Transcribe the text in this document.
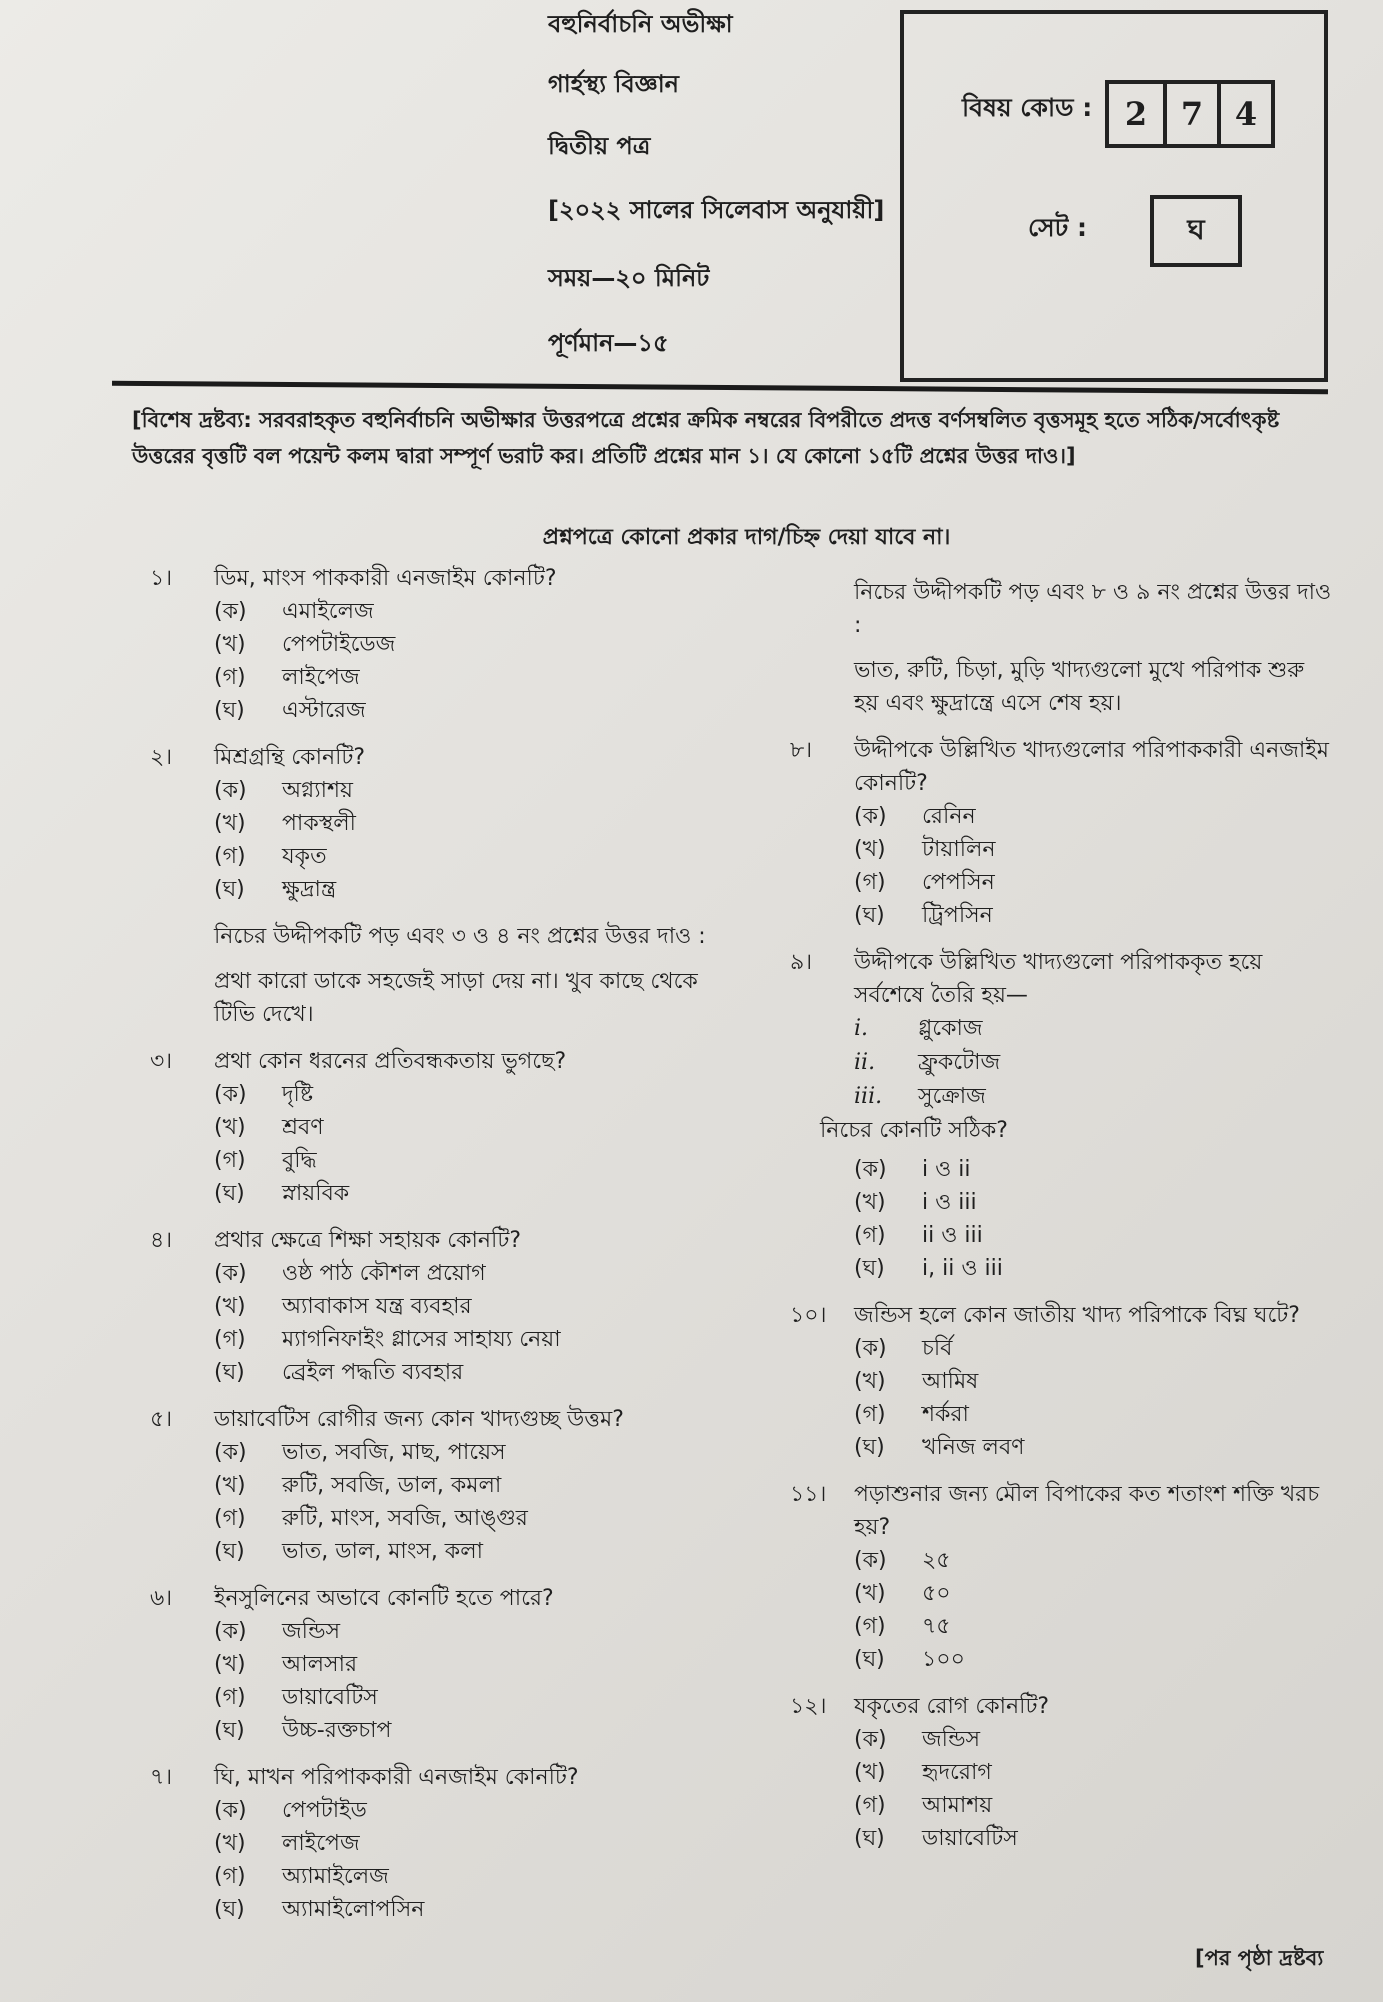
বহুনির্বাচনি অভীক্ষা
গার্হস্থ্য বিজ্ঞান
দ্বিতীয় পত্র
[২০২২ সালের সিলেবাস অনুযায়ী]
সময়—২০ মিনিট
পূর্ণমান—১৫
বিষয় কোড :	2	7 4
সেট :	ঘ
[বিশেষ দ্রষ্টব্য: সরবরাহকৃত বহুনির্বাচনি অভীক্ষার উত্তরপত্রে প্রশ্নের ক্রমিক নম্বরের বিপরীতে প্রদত্ত বর্ণসম্বলিত বৃত্তসমূহ হতে সঠিক/সর্বোৎকৃষ্ট উত্তরের বৃত্তটি বল পয়েন্ট কলম দ্বারা সম্পূর্ণ ভরাট কর। প্রতিটি প্রশ্নের মান ১। যে কোনো ১৫টি প্রশ্নের উত্তর দাও।]
প্রশ্নপত্রে কোনো প্রকার দাগ/চিহ্ন দেয়া যাবে না।
১।	ডিম, মাংস পাককারী এনজাইম কোনটি?
(ক)	এমাইলেজ
(খ)	পেপটাইডেজ
(গ)	লাইপেজ
(ঘ)	এস্টারেজ
২।	মিশ্রগ্রন্থি কোনটি?
(ক)	অগ্ন্যাশয়
(খ)	পাকস্থলী
(গ)	যকৃত
(ঘ)	ক্ষুদ্রান্ত্র

নিচের উদ্দীপকটি পড় এবং ৩ ও ৪ নং প্রশ্নের উত্তর দাও :

প্রথা কারো ডাকে সহজেই সাড়া দেয় না। খুব কাছে থেকে টিভি দেখে।

৩।	প্রথা কোন ধরনের প্রতিবন্ধকতায় ভুগছে?
(ক)	দৃষ্টি
(খ)	শ্রবণ
(গ)	বুদ্ধি
(ঘ)	স্নায়বিক
৪।	প্রথার ক্ষেত্রে শিক্ষা সহায়ক কোনটি?
(ক)	ওষ্ঠ পাঠ কৌশল প্রয়োগ
(খ)	অ্যাবাকাস যন্ত্র ব্যবহার
(গ)	ম্যাগনিফাইং গ্লাসের সাহায্য নেয়া
(ঘ)	ব্রেইল পদ্ধতি ব্যবহার
৫।	ডায়াবেটিস রোগীর জন্য কোন খাদ্যগুচ্ছ উত্তম?
(ক)	ভাত, সবজি, মাছ, পায়েস
(খ)	রুটি, সবজি, ডাল, কমলা
(গ)	রুটি, মাংস, সবজি, আঙ্গুর
(ঘ)	ভাত, ডাল, মাংস, কলা
৬।	ইনসুলিনের অভাবে কোনটি হতে পারে?
(ক)	জন্ডিস
(খ)	আলসার
(গ)	ডায়াবেটিস
(ঘ)	উচ্চ-রক্তচাপ
৭।	ঘি, মাখন পরিপাককারী এনজাইম কোনটি?
(ক)	পেপটাইড
(খ)	লাইপেজ
(গ)	অ্যামাইলেজ
(ঘ)	অ্যামাইলোপসিন

নিচের উদ্দীপকটি পড় এবং ৮ ও ৯ নং প্রশ্নের উত্তর দাও :

ভাত, রুটি, চিড়া, মুড়ি খাদ্যগুলো মুখে পরিপাক শুরু হয় এবং ক্ষুদ্রান্ত্রে এসে শেষ হয়।

৮।	উদ্দীপকে উল্লিখিত খাদ্যগুলোর পরিপাককারী এনজাইম কোনটি?
(ক)	রেনিন
(খ)	টায়ালিন
(গ)	পেপসিন
(ঘ)	ট্রিপসিন
৯।	উদ্দীপকে উল্লিখিত খাদ্যগুলো পরিপাককৃত হয়ে সর্বশেষে তৈরি হয়—
i.	গ্লুকোজ
ii.	ফ্রুকটোজ
iii.	সুক্রোজ
নিচের কোনটি সঠিক?
(ক)	i ও ii
(খ)	i ও iii
(গ)	ii ও iii
(ঘ)	i, ii ও iii
১০।	জন্ডিস হলে কোন জাতীয় খাদ্য পরিপাকে বিঘ্ন ঘটে?
(ক)	চর্বি
(খ)	আমিষ
(গ)	শর্করা
(ঘ)	খনিজ লবণ
১১।	পড়াশুনার জন্য মৌল বিপাকের কত শতাংশ শক্তি খরচ হয়?
(ক)	২৫
(খ)	৫০
(গ)	৭৫
(ঘ)	১০০
১২।	যকৃতের রোগ কোনটি?
(ক)	জন্ডিস
(খ)	হৃদরোগ
(গ)	আমাশয়
(ঘ)	ডায়াবেটিস
[পর পৃষ্ঠা দ্রষ্টব্য
